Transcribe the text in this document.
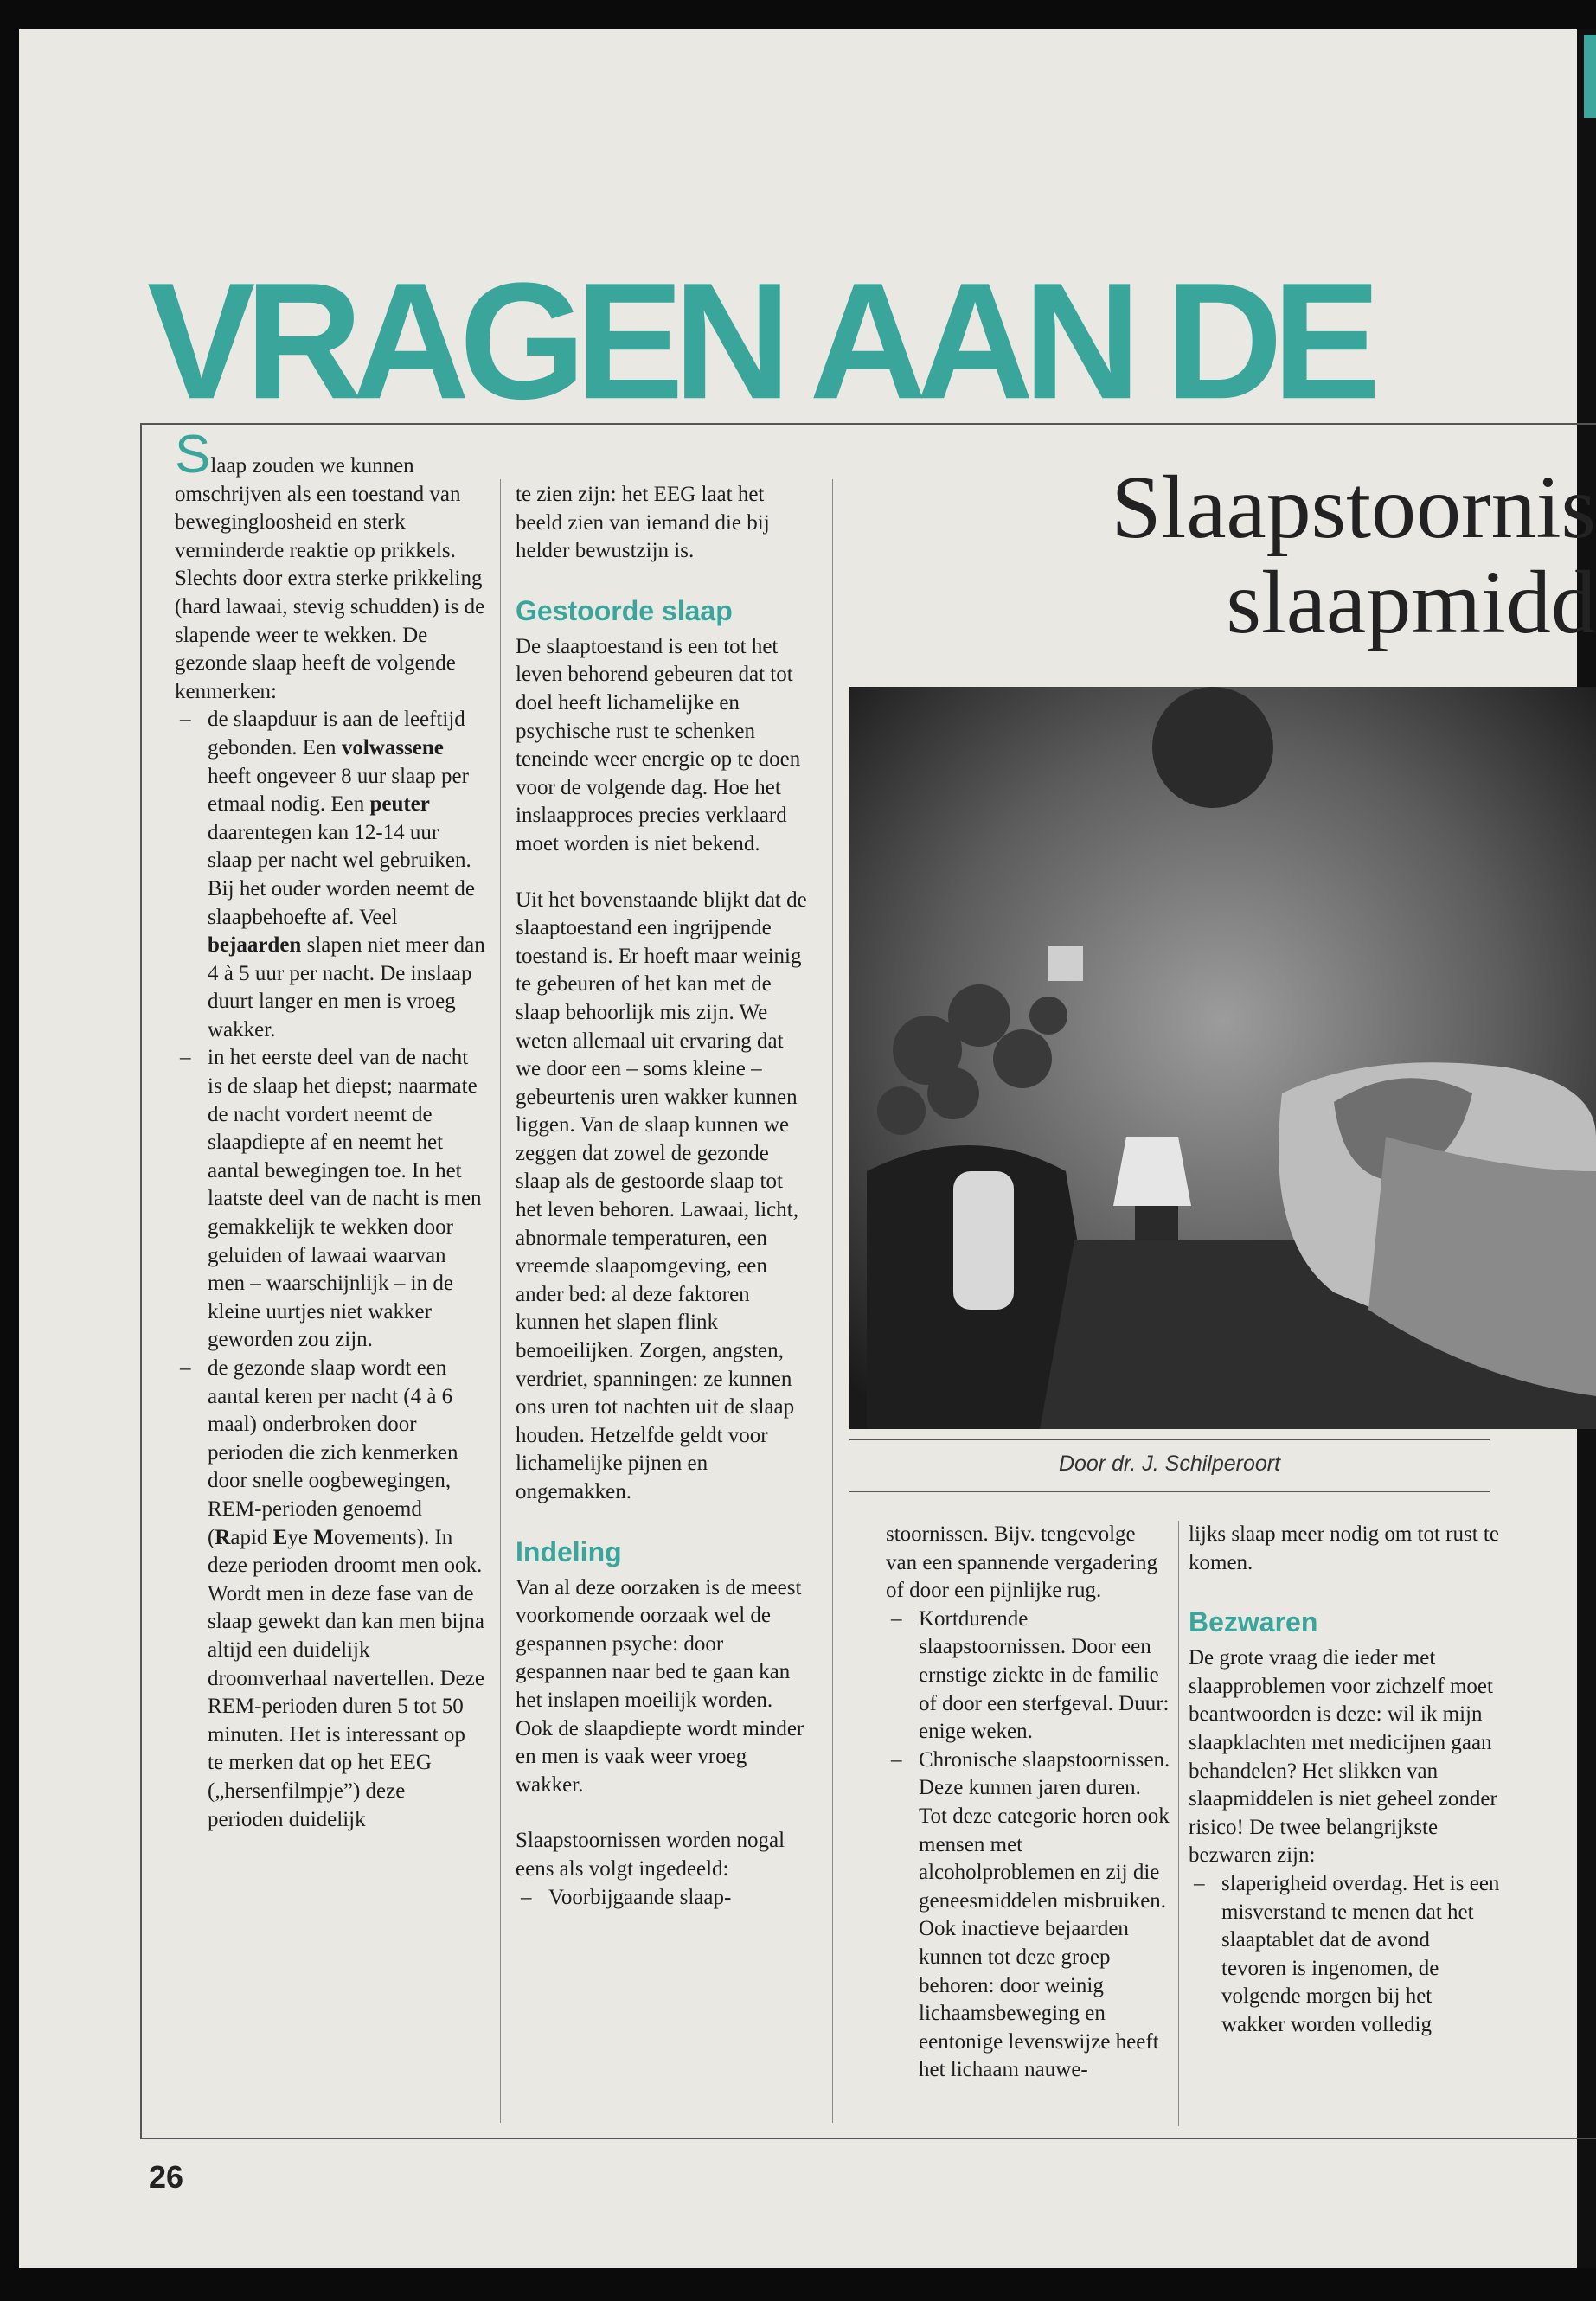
VRAGEN AAN DE

Slaap zouden we kunnen omschrijven als een toestand van bewegingloosheid en sterk verminderde reaktie op prikkels. Slechts door extra sterke prikkeling (hard lawaai, stevig schudden) is de slapende weer te wekken. De gezonde slaap heeft de volgende kenmerken:

– de slaapduur is aan de leeftijd gebonden. Een volwassene heeft ongeveer 8 uur slaap per etmaal nodig. Een peuter daarentegen kan 12-14 uur slaap per nacht wel gebruiken. Bij het ouder worden neemt de slaapbehoefte af. Veel bejaarden slapen niet meer dan 4 à 5 uur per nacht. De inslaap duurt langer en men is vroeg wakker.

– in het eerste deel van de nacht is de slaap het diepst; naarmate de nacht vordert neemt de slaapdiepte af en neemt het aantal bewegingen toe. In het laatste deel van de nacht is men gemakkelijk te wekken door geluiden of lawaai waarvan men – waarschijnlijk – in de kleine uurtjes niet wakker geworden zou zijn.

– de gezonde slaap wordt een aantal keren per nacht (4 à 6 maal) onderbroken door perioden die zich kenmerken door snelle oogbewegingen, REM-perioden genoemd (Rapid Eye Movements). In deze perioden droomt men ook. Wordt men in deze fase van de slaap gewekt dan kan men bijna altijd een duidelijk droomverhaal navertellen. Deze REM-perioden duren 5 tot 50 minuten. Het is interessant op te merken dat op het EEG („hersenfilmpje”) deze perioden duidelijk

te zien zijn: het EEG laat het beeld zien van iemand die bij helder bewustzijn is.

Gestoorde slaap

De slaaptoestand is een tot het leven behorend gebeuren dat tot doel heeft lichamelijke en psychische rust te schenken teneinde weer energie op te doen voor de volgende dag. Hoe het inslaapproces precies verklaard moet worden is niet bekend.

Uit het bovenstaande blijkt dat de slaaptoestand een ingrijpende toestand is. Er hoeft maar weinig te gebeuren of het kan met de slaap behoorlijk mis zijn. We weten allemaal uit ervaring dat we door een – soms kleine – gebeurtenis uren wakker kunnen liggen. Van de slaap kunnen we zeggen dat zowel de gezonde slaap als de gestoorde slaap tot het leven behoren. Lawaai, licht, abnormale temperaturen, een vreemde slaapomgeving, een ander bed: al deze faktoren kunnen het slapen flink bemoeilijken. Zorgen, angsten, verdriet, spanningen: ze kunnen ons uren tot nachten uit de slaap houden. Hetzelfde geldt voor lichamelijke pijnen en ongemakken.

Indeling

Van al deze oorzaken is de meest voorkomende oorzaak wel de gespannen psyche: door gespannen naar bed te gaan kan het inslapen moeilijk worden. Ook de slaapdiepte wordt minder en men is vaak weer vroeg wakker.

Slaapstoornissen worden nogal eens als volgt ingedeeld:

– Voorbijgaande slaap-

Slaapstoornis
slaapmidd
Door dr. J. Schilperoort

stoornissen. Bijv. tengevolge van een spannende vergadering of door een pijnlijke rug.

– Kortdurende slaapstoornissen. Door een ernstige ziekte in de familie of door een sterfgeval. Duur: enige weken.

– Chronische slaapstoornissen. Deze kunnen jaren duren. Tot deze categorie horen ook mensen met alcoholproblemen en zij die geneesmiddelen misbruiken. Ook inactieve bejaarden kunnen tot deze groep behoren: door weinig lichaamsbeweging en eentonige levenswijze heeft het lichaam nauwe-

lijks slaap meer nodig om tot rust te komen.

Bezwaren

De grote vraag die ieder met slaapproblemen voor zichzelf moet beantwoorden is deze: wil ik mijn slaapklachten met medicijnen gaan behandelen? Het slikken van slaapmiddelen is niet geheel zonder risico! De twee belangrijkste bezwaren zijn:

– slaperigheid overdag. Het is een misverstand te menen dat het slaaptablet dat de avond tevoren is ingenomen, de volgende morgen bij het wakker worden volledig

26
